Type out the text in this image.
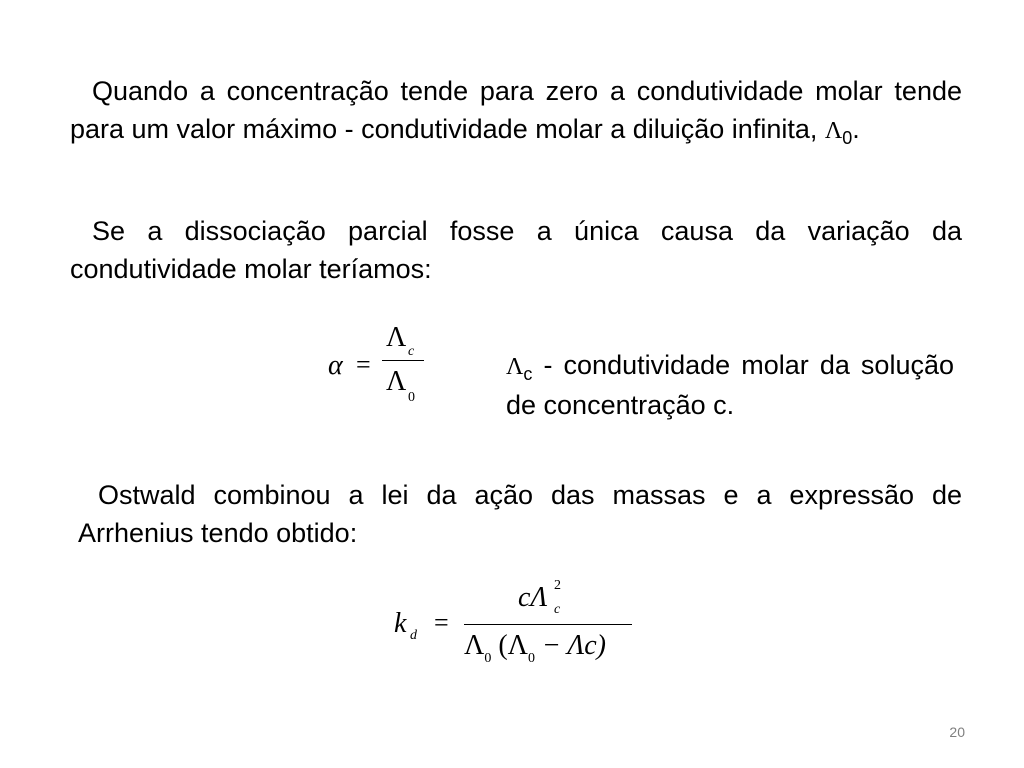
Quando a concentração tende para zero a condutividade molar tende para um valor máximo - condutividade molar a diluição infinita, $\Lambda_0$.

Se a dissociação parcial fosse a única causa da variação da condutividade molar teríamos:

α =
Λ c
Λ
0

$\Lambda_c$ - condutividade molar da solução de concentração c.

Ostwald combinou a lei da ação das massas e a expressão de Arrhenius tendo obtido:

k d =
cΛ 2
c
$\Lambda_0$ $(\Lambda_0 - \Lambda c)$
20
